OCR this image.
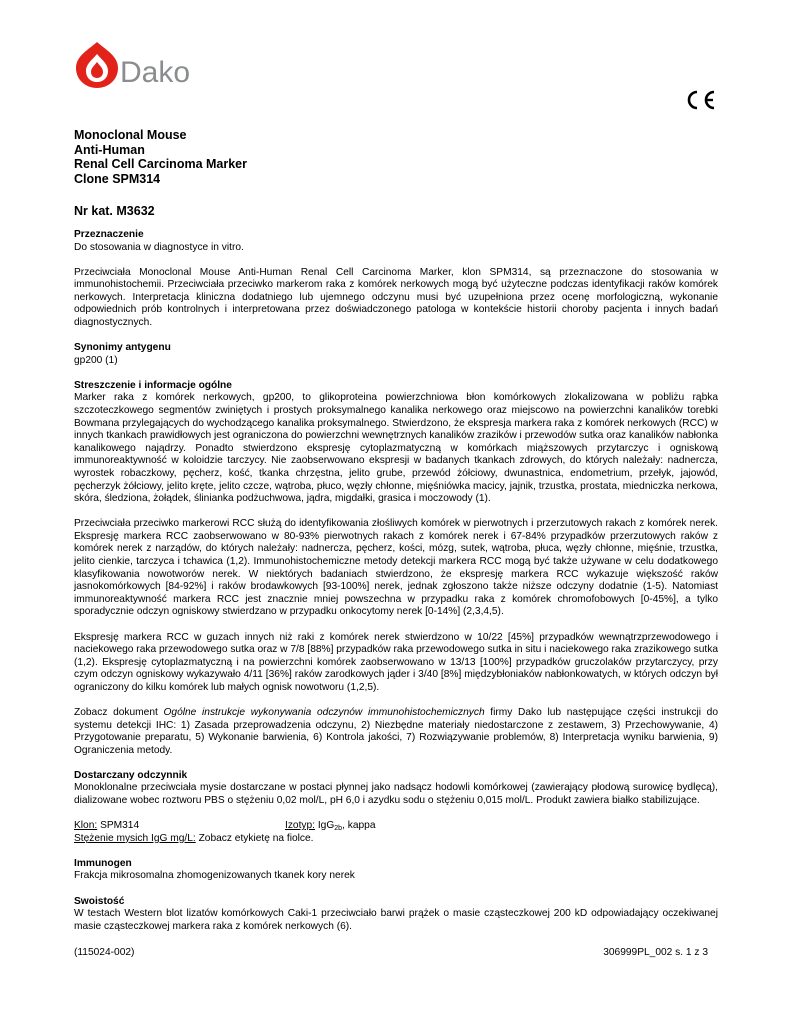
Dako
Monoclonal Mouse
Anti-Human
Renal Cell Carcinoma Marker
Clone SPM314
Nr kat. M3632
Przeznaczenie
Do stosowania w diagnostyce in vitro.
Przeciwciała Monoclonal Mouse Anti-Human Renal Cell Carcinoma Marker, klon SPM314, są przeznaczone do stosowania w immunohistochemii. Przeciwciała przeciwko markerom raka z komórek nerkowych mogą być użyteczne podczas identyfikacji raków komórek nerkowych. Interpretacja kliniczna dodatniego lub ujemnego odczynu musi być uzupełniona przez ocenę morfologiczną, wykonanie odpowiednich prób kontrolnych i interpretowana przez doświadczonego patologa w kontekście historii choroby pacjenta i innych badań diagnostycznych.
Synonimy antygenu
gp200 (1)
Streszczenie i informacje ogólne
Marker raka z komórek nerkowych, gp200, to glikoproteina powierzchniowa błon komórkowych zlokalizowana w pobliżu rąbka szczoteczkowego segmentów zwiniętych i prostych proksymalnego kanalika nerkowego oraz miejscowo na powierzchni kanalików torebki Bowmana przylegających do wychodzącego kanalika proksymalnego. Stwierdzono, że ekspresja markera raka z komórek nerkowych (RCC) w innych tkankach prawidłowych jest ograniczona do powierzchni wewnętrznych kanalików zrazików i przewodów sutka oraz kanalików nabłonka kanalikowego najądrzy. Ponadto stwierdzono ekspresję cytoplazmatyczną w komórkach miąższowych przytarczyc i ogniskową immunoreaktywność w koloidzie tarczycy. Nie zaobserwowano ekspresji w badanych tkankach zdrowych, do których należały: nadnercza, wyrostek robaczkowy, pęcherz, kość, tkanka chrzęstna, jelito grube, przewód żółciowy, dwunastnica, endometrium, przełyk, jajowód, pęcherzyk żółciowy, jelito kręte, jelito czcze, wątroba, płuco, węzły chłonne, mięśniówka macicy, jajnik, trzustka, prostata, miedniczka nerkowa, skóra, śledziona, żołądek, ślinianka podżuchwowa, jądra, migdałki, grasica i moczowody (1).
Przeciwciała przeciwko markerowi RCC służą do identyfikowania złośliwych komórek w pierwotnych i przerzutowych rakach z komórek nerek. Ekspresję markera RCC zaobserwowano w 80-93% pierwotnych rakach z komórek nerek i 67-84% przypadków przerzutowych raków z komórek nerek z narządów, do których należały: nadnercza, pęcherz, kości, mózg, sutek, wątroba, płuca, węzły chłonne, mięśnie, trzustka, jelito cienkie, tarczyca i tchawica (1,2). Immunohistochemiczne metody detekcji markera RCC mogą być także używane w celu dodatkowego klasyfikowania nowotworów nerek. W niektórych badaniach stwierdzono, że ekspresję markera RCC wykazuje większość raków jasnokomórkowych [84-92%] i raków brodawkowych [93-100%] nerek, jednak zgłoszono także niższe odczyny dodatnie (1-5). Natomiast immunoreaktywność markera RCC jest znacznie mniej powszechna w przypadku raka z komórek chromofobowych [0-45%], a tylko sporadycznie odczyn ogniskowy stwierdzano w przypadku onkocytomy nerek [0-14%] (2,3,4,5).
Ekspresję markera RCC w guzach innych niż raki z komórek nerek stwierdzono w 10/22 [45%] przypadków wewnątrzprzewodowego i naciekowego raka przewodowego sutka oraz w 7/8 [88%] przypadków raka przewodowego sutka in situ i naciekowego raka zrazikowego sutka (1,2). Ekspresję cytoplazmatyczną i na powierzchni komórek zaobserwowano w 13/13 [100%] przypadków gruczolaków przytarczycy, przy czym odczyn ogniskowy wykazywało 4/11 [36%] raków zarodkowych jąder i 3/40 [8%] międzybłoniaków nabłonkowatych, w których odczyn był ograniczony do kilku komórek lub małych ognisk nowotworu (1,2,5).
Zobacz dokument Ogólne instrukcje wykonywania odczynów immunohistochemicznych firmy Dako lub następujące części instrukcji do systemu detekcji IHC: 1) Zasada przeprowadzenia odczynu, 2) Niezbędne materiały niedostarczone z zestawem, 3) Przechowywanie, 4) Przygotowanie preparatu, 5) Wykonanie barwienia, 6) Kontrola jakości, 7) Rozwiązywanie problemów, 8) Interpretacja wyniku barwienia, 9) Ograniczenia metody.
Dostarczany odczynnik
Monoklonalne przeciwciała mysie dostarczane w postaci płynnej jako nadsącz hodowli komórkowej (zawierający płodową surowicę bydlęcą), dializowane wobec roztworu PBS o stężeniu 0,02 mol/L, pH 6,0 i azydku sodu o stężeniu 0,015 mol/L. Produkt zawiera białko stabilizujące.
Klon: SPM314	Izotyp: IgG$_{2b}$, kappa
Stężenie mysich IgG mg/L: Zobacz etykietę na fiolce.
Immunogen
Frakcja mikrosomalna zhomogenizowanych tkanek kory nerek
Swoistość
W testach Western blot lizatów komórkowych Caki-1 przeciwciało barwi prążek o masie cząsteczkowej 200 kD odpowiadający oczekiwanej masie cząsteczkowej markera raka z komórek nerkowych (6).
(115024-002)	306999PL_002 s. 1 z 3
